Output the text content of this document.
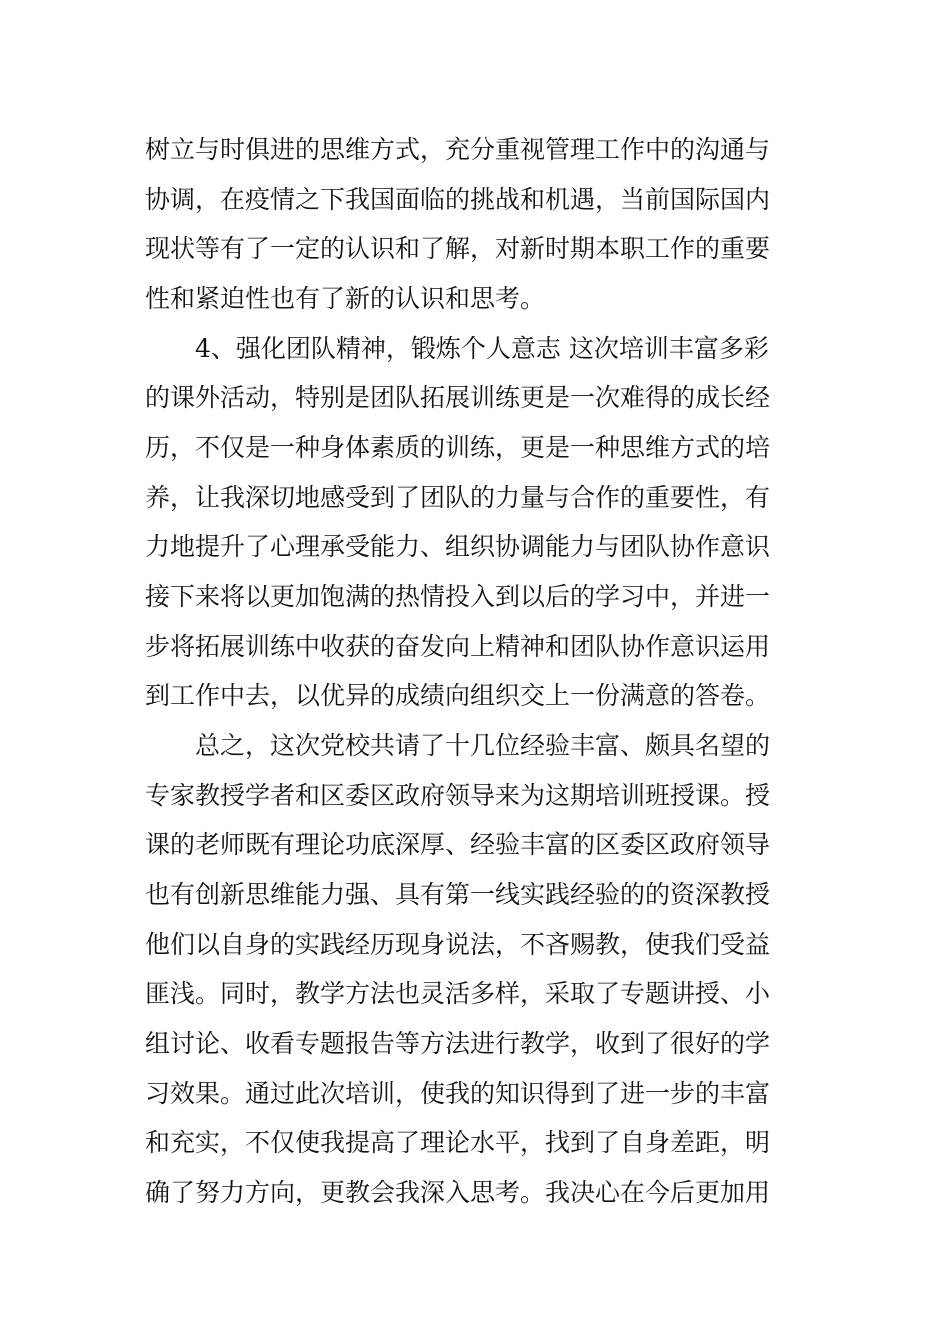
树立与时俱进的思维方式，充分重视管理工作中的沟通与
协调，在疫情之下我国面临的挑战和机遇，当前国际国内
现状等有了一定的认识和了解，对新时期本职工作的重要
性和紧迫性也有了新的认识和思考。
4、强化团队精神，锻炼个人意志 这次培训丰富多彩
的课外活动，特别是团队拓展训练更是一次难得的成长经
历，不仅是一种身体素质的训练，更是一种思维方式的培
养，让我深切地感受到了团队的力量与合作的重要性，有
力地提升了心理承受能力、组织协调能力与团队协作意识
接下来将以更加饱满的热情投入到以后的学习中，并进一
步将拓展训练中收获的奋发向上精神和团队协作意识运用
到工作中去，以优异的成绩向组织交上一份满意的答卷。
总之，这次党校共请了十几位经验丰富、颇具名望的
专家教授学者和区委区政府领导来为这期培训班授课。授
课的老师既有理论功底深厚、经验丰富的区委区政府领导
也有创新思维能力强、具有第一线实践经验的的资深教授
他们以自身的实践经历现身说法，不吝赐教，使我们受益
匪浅。同时，教学方法也灵活多样，采取了专题讲授、小
组讨论、收看专题报告等方法进行教学，收到了很好的学
习效果。通过此次培训，使我的知识得到了进一步的丰富
和充实，不仅使我提高了理论水平，找到了自身差距，明
确了努力方向，更教会我深入思考。我决心在今后更加用
